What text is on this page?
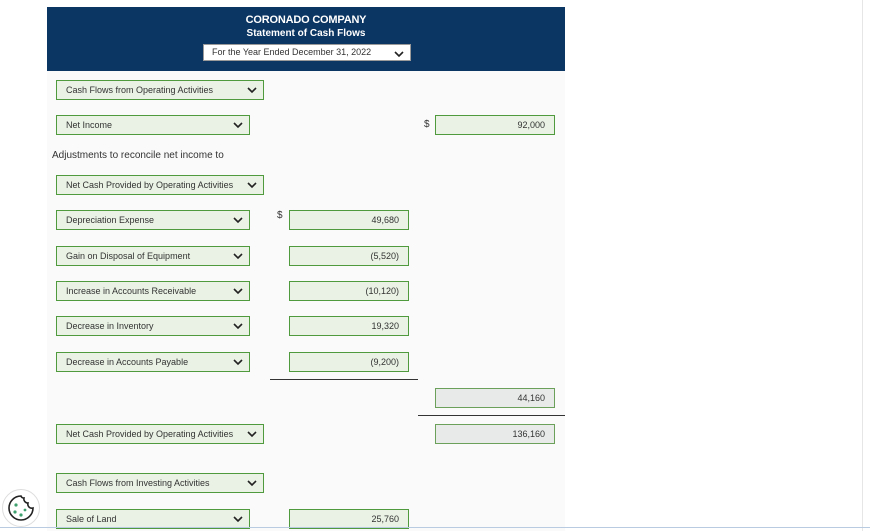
CORONADO COMPANY
Statement of Cash Flows
For the Year Ended December 31, 2022
Cash Flows from Operating Activities
Net Income	$	92,000
Adjustments to reconcile net income to
Net Cash Provided by Operating Activities
Depreciation Expense	$	49,680
Gain on Disposal of Equipment	(5,520)
Increase in Accounts Receivable	(10,120)
Decrease in Inventory	19,320
Decrease in Accounts Payable	(9,200)
44,160
Net Cash Provided by Operating Activities	136,160
Cash Flows from Investing Activities
Sale of Land	25,760
